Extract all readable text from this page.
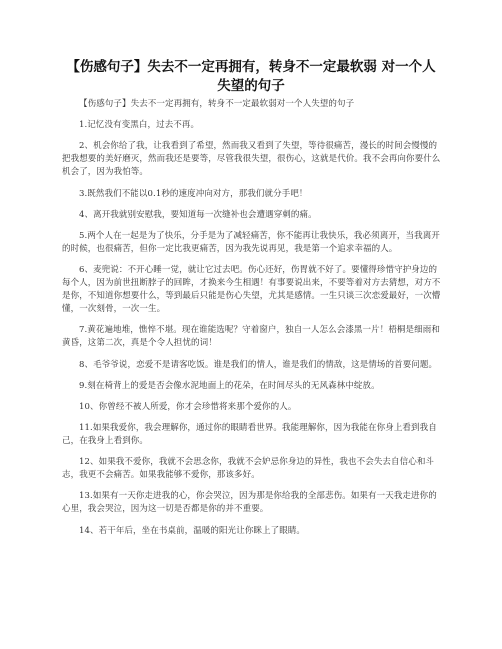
【伤感句子】失去不一定再拥有，转身不一定最软弱 对一个人失望的句子

【伤感句子】失去不一定再拥有，转身不一定最软弱对一个人失望的句子

1.记忆没有变黑白，过去不再。

2、机会你给了我，让我看到了希望，然而我又看到了失望，等待很痛苦，漫长的时间会慢慢的把我想要的美好磨灭，然而我还是要等，尽管我很失望，很伤心，这就是代价。我不会再向你要什么机会了，因为我怕等。

3.既然我们不能以0.1秒的速度冲向对方，那我们就分手吧！

4、离开我就别安慰我，要知道每一次缝补也会遭遇穿刺的痛。

5.两个人在一起是为了快乐，分手是为了减轻痛苦，你不能再让我快乐，我必须离开，当我离开的时候，也很痛苦，但你一定比我更痛苦，因为我先说再见，我是第一个追求幸福的人。

6、麦兜说：不开心睡一觉，就让它过去吧。伤心还好，伤胃就不好了。要懂得珍惜守护身边的每个人，因为前世扭断脖子的回眸，才换来今生相遇！有事要说出来，不要等着对方去猜想，对方不是你，不知道你想要什么，等到最后只能是伤心失望，尤其是感情。一生只谈三次恋爱最好，一次懵懂，一次刻骨，一次一生。

7.黄花遍地堆，憔悴不堪。现在谁能选呢？守着窗户，独自一人怎么会漆黑一片！梧桐是细雨和黄昏，这第二次，真是个令人担忧的词！

8、毛爷爷说，恋爱不是请客吃饭。谁是我们的情人，谁是我们的情敌，这是情场的首要问题。

9.刻在椅背上的爱是否会像水泥地面上的花朵，在时间尽头的无风森林中绽放。

10、你曾经不被人所爱，你才会珍惜将来那个爱你的人。

11.如果我爱你，我会理解你，通过你的眼睛看世界。我能理解你，因为我能在你身上看到我自己，在我身上看到你。

12、如果我不爱你，我就不会思念你，我就不会妒忌你身边的异性，我也不会失去自信心和斗志，我更不会痛苦。如果我能够不爱你，那该多好。

13.如果有一天你走进我的心，你会哭泣，因为那是你给我的全部悲伤。如果有一天我走进你的心里，我会哭泣，因为这一切是否都是你的并不重要。

14、若干年后，坐在书桌前，温暖的阳光让你眯上了眼睛。
